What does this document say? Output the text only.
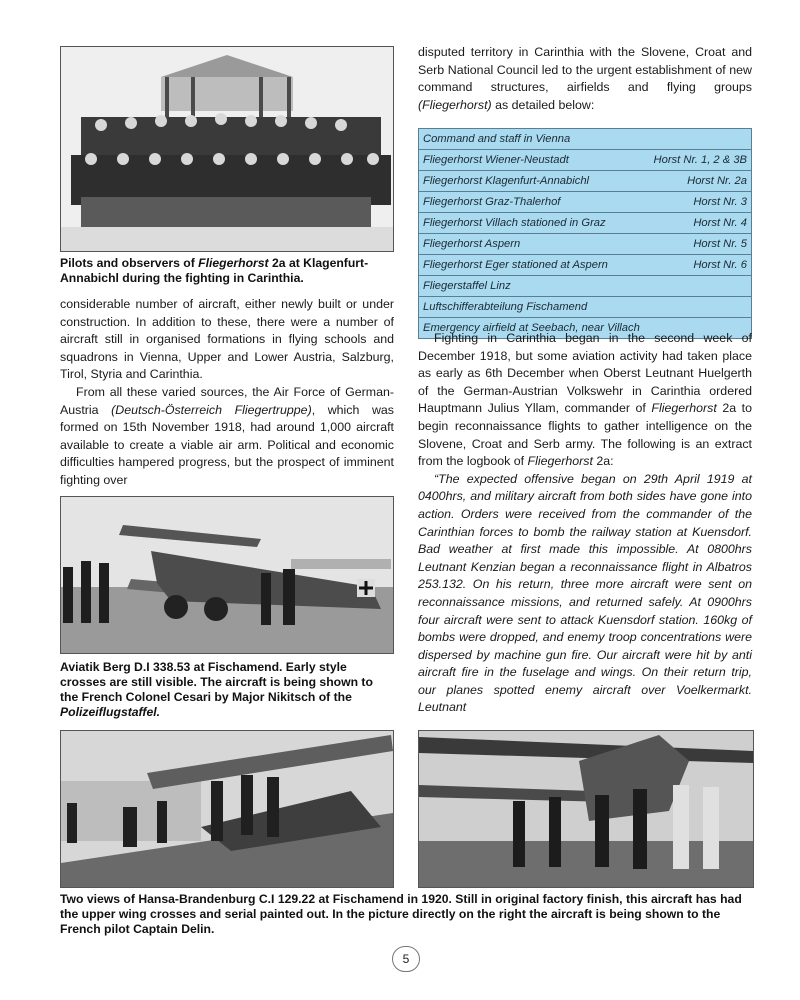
Pilots and observers of Fliegerhorst 2a at Klagenfurt-Annabichl during the fighting in Carinthia.

considerable number of aircraft, either newly built or under construction. In addition to these, there were a number of aircraft still in organised formations in flying schools and squadrons in Vienna, Upper and Lower Austria, Salzburg, Tirol, Styria and Carinthia.

From all these varied sources, the Air Force of German-Austria (Deutsch-Österreich Fliegertruppe), which was formed on 15th November 1918, had around 1,000 aircraft available to create a viable air arm. Political and economic difficulties hampered progress, but the prospect of imminent fighting over

Aviatik Berg D.I 338.53 at Fischamend. Early style crosses are still visible. The aircraft is being shown to the French Colonel Cesari by Major Nikitsch of the Polizeiflugstaffel.

disputed territory in Carinthia with the Slovene, Croat and Serb National Council led to the urgent establishment of new command structures, airfields and flying groups (Fliegerhorst) as detailed below:

Command and staff in Vienna	
Fliegerhorst Wiener-Neustadt	Horst Nr. 1, 2 & 3B
Fliegerhorst Klagenfurt-Annabichl	Horst Nr. 2a
Fliegerhorst Graz-Thalerhof	Horst Nr. 3
Fliegerhorst Villach stationed in Graz	Horst Nr. 4
Fliegerhorst Aspern	Horst Nr. 5
Fliegerhorst Eger stationed at Aspern	Horst Nr. 6
Fliegerstaffel Linz	
Luftschifferabteilung Fischamend	
Emergency airfield at Seebach, near Villach	

Fighting in Carinthia began in the second week of December 1918, but some aviation activity had taken place as early as 6th December when Oberst Leutnant Huelgerth of the German-Austrian Volkswehr in Carinthia ordered Hauptmann Julius Yllam, commander of Fliegerhorst 2a to begin reconnaissance flights to gather intelligence on the Slovene, Croat and Serb army. The following is an extract from the logbook of Fliegerhorst 2a:

“The expected offensive began on 29th April 1919 at 0400hrs, and military aircraft from both sides have gone into action. Orders were received from the commander of the Carinthian forces to bomb the railway station at Kuensdorf. Bad weather at first made this impossible. At 0800hrs Leutnant Kenzian began a reconnaissance flight in Albatros 253.132. On his return, three more aircraft were sent on reconnaissance missions, and returned safely. At 0900hrs four aircraft were sent to attack Kuensdorf station. 160kg of bombs were dropped, and enemy troop concentrations were dispersed by machine gun fire. Our aircraft were hit by anti aircraft fire in the fuselage and wings. On their return trip, our planes spotted enemy aircraft over Voelkermarkt. Leutnant

Two views of Hansa-Brandenburg C.I 129.22 at Fischamend in 1920. Still in original factory finish, this aircraft has had the upper wing crosses and serial painted out. In the picture directly on the right the aircraft is being shown to the French pilot Captain Delin.
5
